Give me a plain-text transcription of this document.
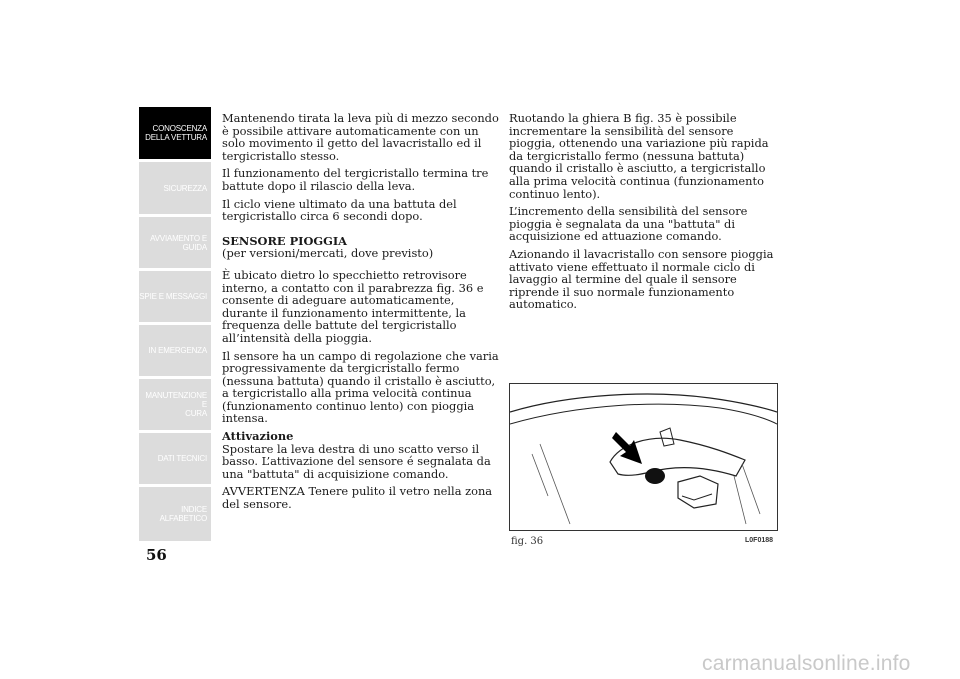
CONOSCENZA
DELLA VETTURA
SICUREZZA
AVVIAMENTO E
GUIDA
SPIE E MESSAGGI
IN EMERGENZA
MANUTENZIONE E
CURA
DATI TECNICI
INDICE
ALFABETICO
56

Mantenendo tirata la leva più di mezzo secondo è possibile attivare automaticamente con un solo movimento il getto del lavacristallo ed il tergicristallo stesso.

Il funzionamento del tergicristallo termina tre battute dopo il rilascio della leva.

Il ciclo viene ultimato da una battuta del tergicristallo circa 6 secondi dopo.

SENSORE PIOGGIA

(per versioni/mercati, dove previsto)

È ubicato dietro lo specchietto retrovisore interno, a contatto con il parabrezza fig. 36 e consente di adeguare automaticamente, durante il funzionamento intermittente, la frequenza delle battute del tergicristallo all’intensità della pioggia.

Il sensore ha un campo di regolazione che varia progressivamente da tergicristallo fermo (nessuna battuta) quando il cristallo è asciutto, a tergicristallo alla prima velocità continua (funzionamento continuo lento) con pioggia intensa.

Attivazione

Spostare la leva destra di uno scatto verso il basso. L’attivazione del sensore é segnalata da una "battuta" di acquisizione comando.

AVVERTENZA Tenere pulito il vetro nella zona del sensore.

Ruotando la ghiera B fig. 35 è possibile incrementare la sensibilità del sensore pioggia, ottenendo una variazione più rapida da tergicristallo fermo (nessuna battuta) quando il cristallo è asciutto, a tergicristallo alla prima velocità continua (funzionamento continuo lento).

L’incremento della sensibilità del sensore pioggia è segnalata da una "battuta" di acquisizione ed attuazione comando.

Azionando il lavacristallo con sensore pioggia attivato viene effettuato il normale ciclo di lavaggio al termine del quale il sensore riprende il suo normale funzionamento automatico.

fig. 36	L0F0188
carmanualsonline.info
